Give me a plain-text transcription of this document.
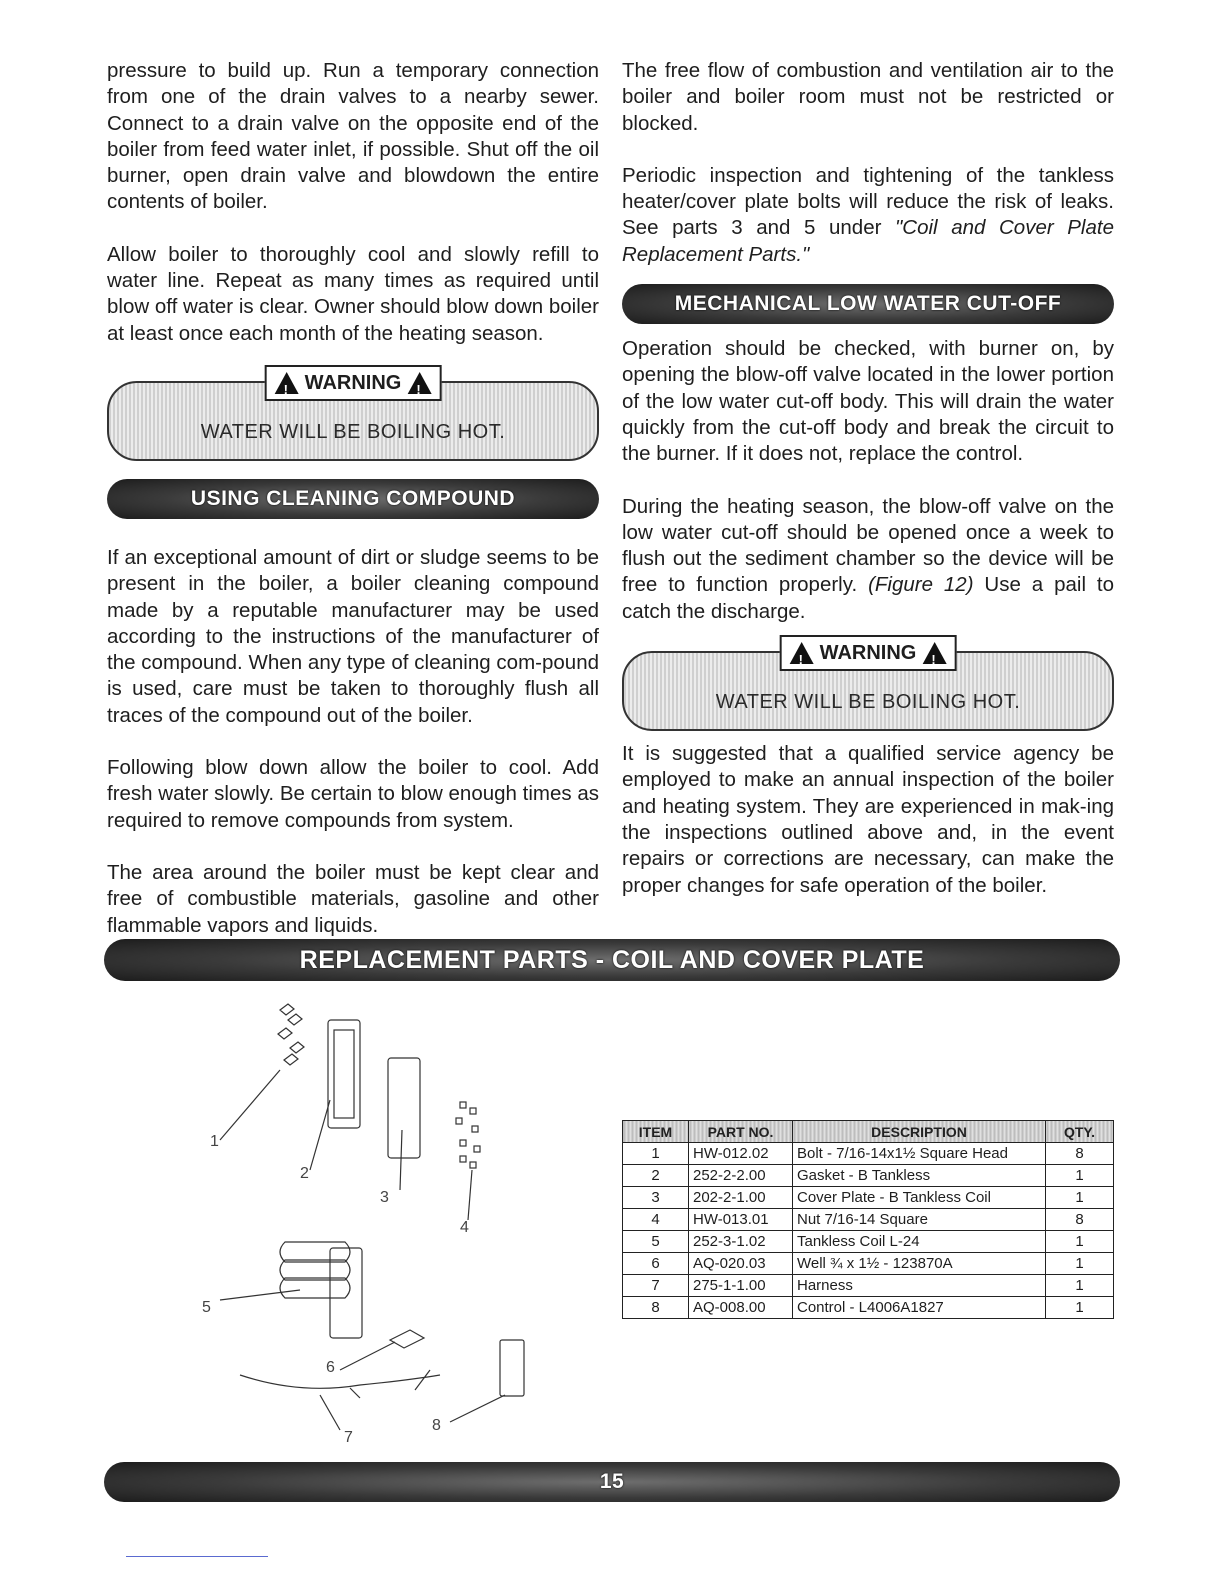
pressure to build up. Run a temporary connection from one of the drain valves to a nearby sewer. Connect to a drain valve on the opposite end of the boiler from feed water inlet, if possible. Shut off the oil burner, open drain valve and blowdown the entire contents of boiler.

Allow boiler to thoroughly cool and slowly refill to water line. Repeat as many times as required until blow off water is clear. Owner should blow down boiler at least once each month of the heating season.

WATER WILL BE BOILING HOT.
!
WARNING
!
USING CLEANING COMPOUND

If an exceptional amount of dirt or sludge seems to be present in the boiler, a boiler cleaning compound made by a reputable manufacturer may be used according to the instructions of the manufacturer of the compound. When any type of cleaning com-pound is used, care must be taken to thoroughly flush all traces of the compound out of the boiler.

Following blow down allow the boiler to cool. Add fresh water slowly. Be certain to blow enough times as required to remove compounds from system.

The area around the boiler must be kept clear and free of combustible materials, gasoline and other flammable vapors and liquids.

The free flow of combustion and ventilation air to the boiler and boiler room must not be restricted or blocked.

Periodic inspection and tightening of the tankless heater/cover plate bolts will reduce the risk of leaks. See parts 3 and 5 under "Coil and Cover Plate Replacement Parts."

MECHANICAL LOW WATER CUT-OFF

Operation should be checked, with burner on, by opening the blow-off valve located in the lower portion of the low water cut-off body. This will drain the water quickly from the cut-off body and break the circuit to the burner. If it does not, replace the control.

During the heating season, the blow-off valve on the low water cut-off should be opened once a week to flush out the sediment chamber so the device will be free to function properly. (Figure 12) Use a pail to catch the discharge.

WATER WILL BE BOILING HOT.
!
WARNING
!

It is suggested that a qualified service agency be employed to make an annual inspection of the boiler and heating system. They are experienced in mak-ing the inspections outlined above and, in the event repairs or corrections are necessary, can make the proper changes for safe operation of the boiler.

REPLACEMENT PARTS - COIL AND COVER PLATE
1
2
3
4
5
6
7
8
ITEM	PART NO.	DESCRIPTION	QTY.
1	HW-012.02	Bolt - 7/16-14x1½ Square Head	8
2	252-2-2.00	Gasket - B Tankless	1
3	202-2-1.00	Cover Plate - B Tankless Coil	1
4	HW-013.01	Nut 7/16-14 Square	8
5	252-3-1.02	Tankless Coil L-24	1
6	AQ-020.03	Well ¾ x 1½ - 123870A	1
7	275-1-1.00	Harness	1
8	AQ-008.00	Control - L4006A1827	1
15
